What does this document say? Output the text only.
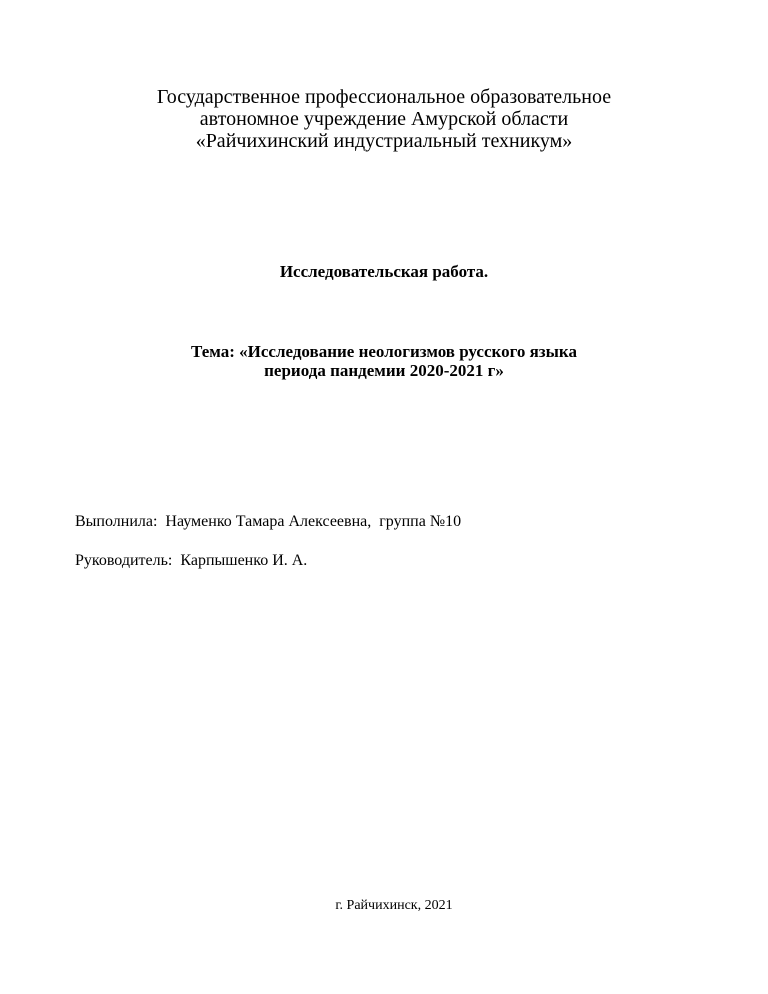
Государственное профессиональное образовательное
автономное учреждение Амурской области
«Райчихинский индустриальный техникум»
Исследовательская работа.
Тема: «Исследование неологизмов русского языка
периода пандемии 2020-2021 г»
Выполнила: Науменко Тамара Алексеевна, группа №10
Руководитель: Карпышенко И. А.
г. Райчихинск, 2021
